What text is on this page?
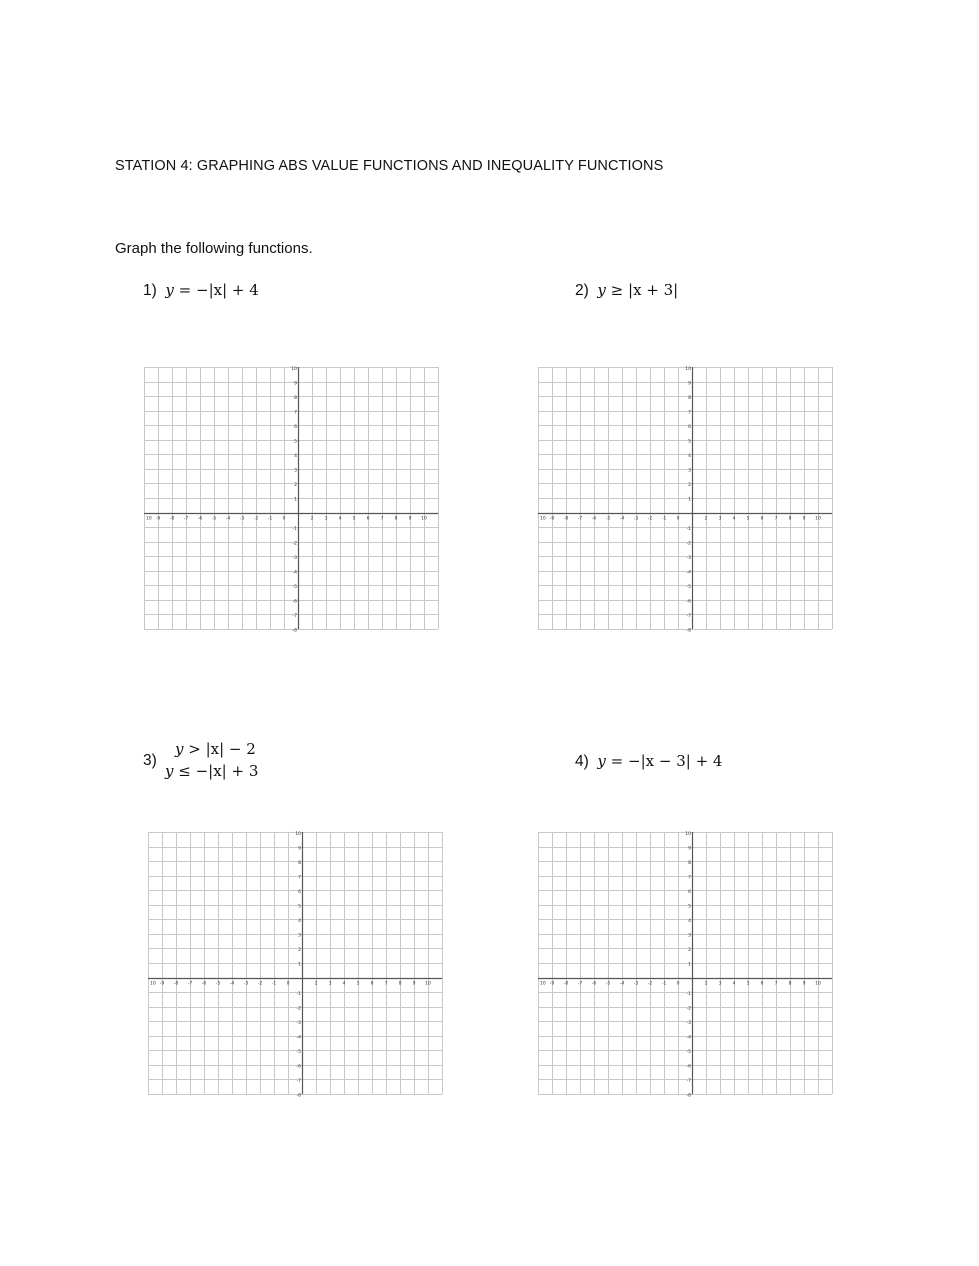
STATION 4: GRAPHING ABS VALUE FUNCTIONS AND INEQUALITY FUNCTIONS
Graph the following functions.
1) y = −|x| + 4	2) y ≥ |x + 3|
3)
y > |x| − 2
y ≤ −|x| + 3
4) y = −|x − 3| + 4
10 -9 -8 -7 -6 -5 -4 -3 -2 -1 0	2 3 4 5 6 7 8 9 10
10
9
8
7
6
5
4
3
2
1
-1
-2
-3
-4
-5
-6
-7
-8
10 -9 -8 -7 -6 -5 -4 -3 -2 -1 0	2 3 4 5 6 7 8 9 10
10
9
8
7
6
5
4
3
2
1
-1
-2
-3
-4
-5
-6
-7
-8
10 -9 -8 -7 -6 -5 -4 -3 -2 -1 0	2 3 4 5 6 7 8 9 10
10
9
8
7
6
5
4
3
2
1
-1
-2
-3
-4
-5
-6
-7
-8
10 -9 -8 -7 -6 -5 -4 -3 -2 -1 0	2 3 4 5 6 7 8 9 10
10
9
8
7
6
5
4
3
2
1
-1
-2
-3
-4
-5
-6
-7
-8
